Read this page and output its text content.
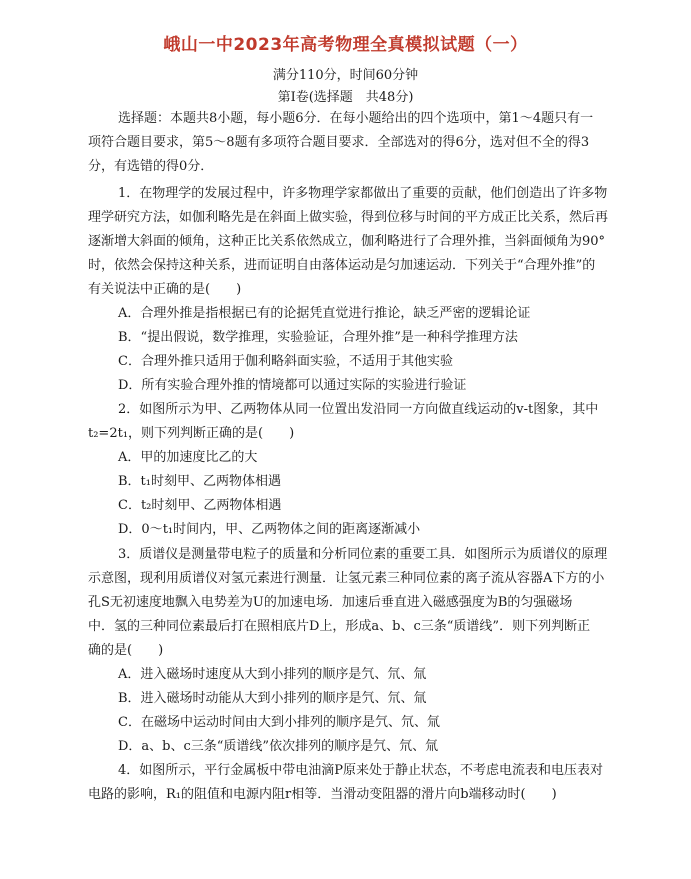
峨山一中2023年高考物理全真模拟试题（一）
满分110分，时间60分钟
第Ⅰ卷(选择题　共48分)
选择题：本题共8小题，每小题6分．在每小题给出的四个选项中，第1～4题只有一
项符合题目要求，第5～8题有多项符合题目要求．全部选对的得6分，选对但不全的得3
分，有选错的得0分．
1．在物理学的发展过程中，许多物理学家都做出了重要的贡献，他们创造出了许多物
理学研究方法，如伽利略先是在斜面上做实验，得到位移与时间的平方成正比关系，然后再
逐渐增大斜面的倾角，这种正比关系依然成立，伽利略进行了合理外推，当斜面倾角为90°
时，依然会保持这种关系，进而证明自由落体运动是匀加速运动．下列关于“合理外推”的
有关说法中正确的是(　　)
A．合理外推是指根据已有的论据凭直觉进行推论，缺乏严密的逻辑论证
B．“提出假说，数学推理，实验验证，合理外推”是一种科学推理方法
C．合理外推只适用于伽利略斜面实验，不适用于其他实验
D．所有实验合理外推的情境都可以通过实际的实验进行验证
2．如图所示为甲、乙两物体从同一位置出发沿同一方向做直线运动的v-t图象，其中
t₂=2t₁，则下列判断正确的是(　　)
A．甲的加速度比乙的大
B．t₁时刻甲、乙两物体相遇
C．t₂时刻甲、乙两物体相遇
D．0～t₁时间内，甲、乙两物体之间的距离逐渐减小
3．质谱仪是测量带电粒子的质量和分析同位素的重要工具．如图所示为质谱仪的原理
示意图，现利用质谱仪对氢元素进行测量．让氢元素三种同位素的离子流从容器A下方的小
孔S无初速度地飘入电势差为U的加速电场．加速后垂直进入磁感强度为B的匀强磁场
中．氢的三种同位素最后打在照相底片D上，形成a、b、c三条“质谱线”．则下列判断正
确的是(　　)
A．进入磁场时速度从大到小排列的顺序是氕、氘、氚
B．进入磁场时动能从大到小排列的顺序是氕、氘、氚
C．在磁场中运动时间由大到小排列的顺序是氕、氘、氚
D．a、b、c三条“质谱线”依次排列的顺序是氕、氘、氚
4．如图所示，平行金属板中带电油滴P原来处于静止状态，不考虑电流表和电压表对
电路的影响，R₁的阻值和电源内阻r相等．当滑动变阻器的滑片向b端移动时(　　)
